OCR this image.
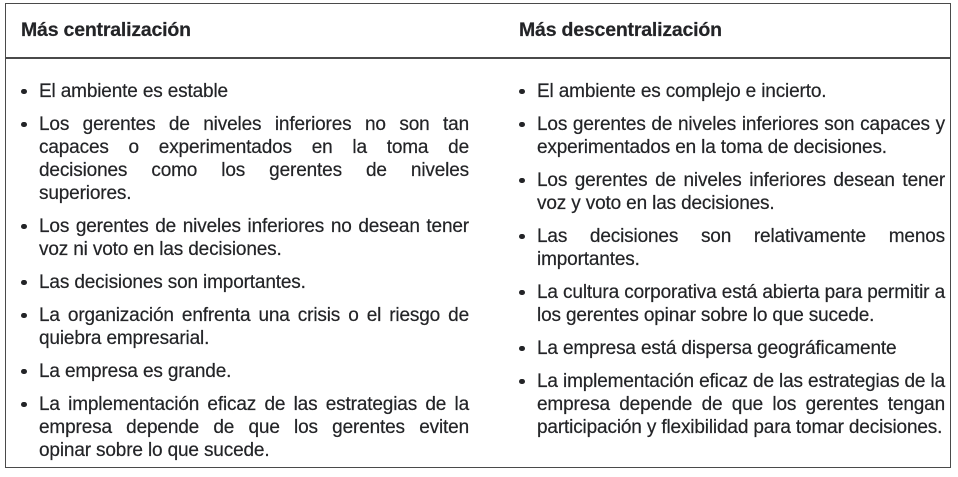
Más centralización	Más descentralización
El ambiente es estable
Los gerentes de niveles inferiores no son tan capaces o experimentados en la toma de decisiones como los gerentes de niveles superiores.
Los gerentes de niveles inferiores no desean tener voz ni voto en las decisiones.
Las decisiones son importantes.
La organización enfrenta una crisis o el riesgo de quiebra empresarial.
La empresa es grande.
La implementación eficaz de las estrategias de la empresa depende de que los gerentes eviten opinar sobre lo que sucede.
El ambiente es complejo e incierto.
Los gerentes de niveles inferiores son capaces y experimentados en la toma de decisiones.
Los gerentes de niveles inferiores desean tener voz y voto en las decisiones.
Las decisiones son relativamente menos importantes.
La cultura corporativa está abierta para permitir a los gerentes opinar sobre lo que sucede.
La empresa está dispersa geográficamente
La implementación eficaz de las estrategias de la empresa depende de que los gerentes tengan participación y flexibilidad para tomar decisiones.
